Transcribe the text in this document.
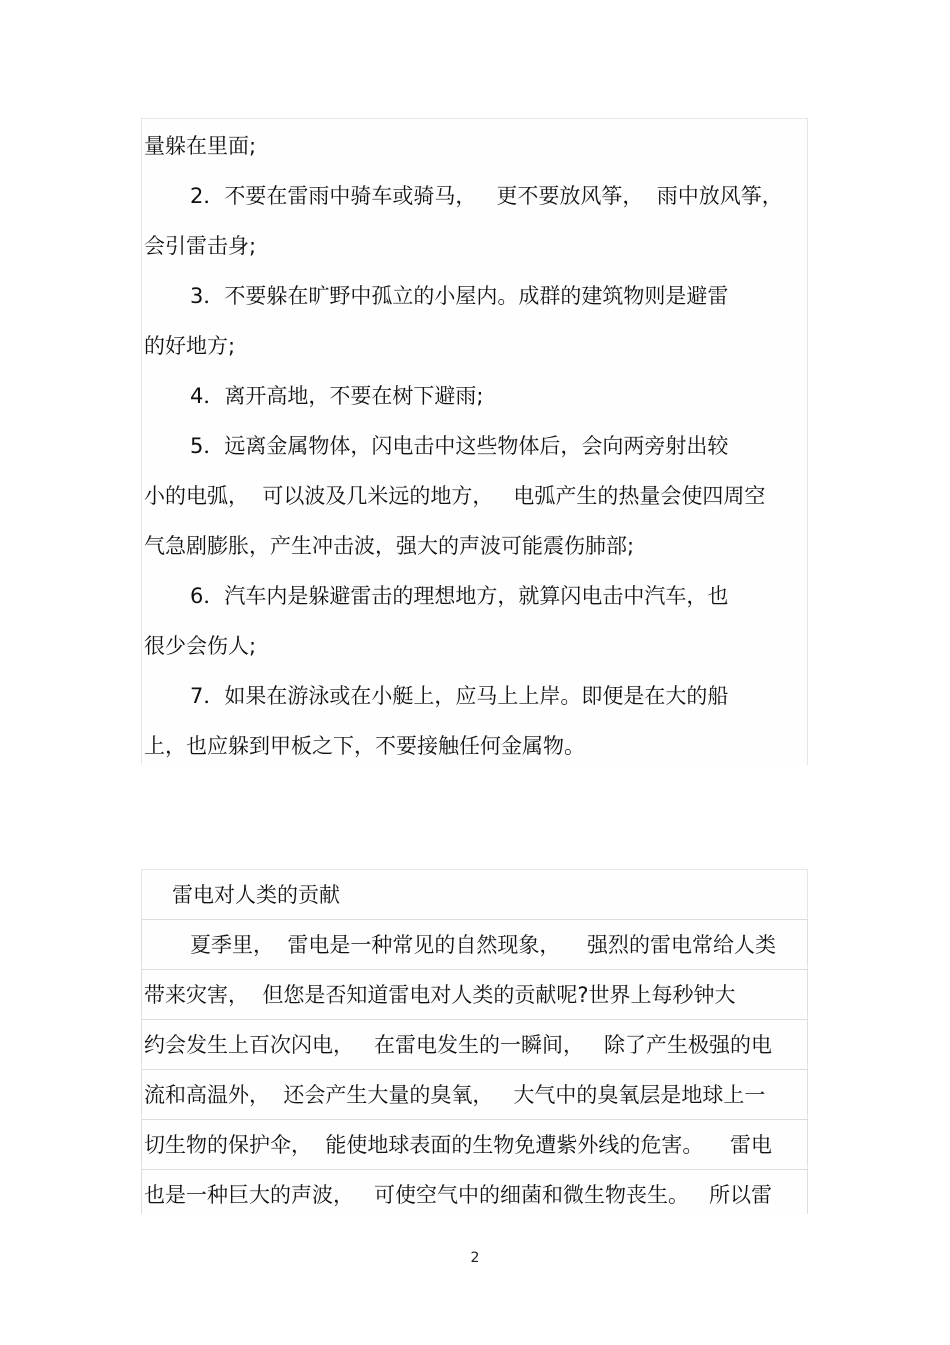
量躲在里面;
2．不要在雷雨中骑车或骑马，   更不要放风筝，  雨中放风筝，
会引雷击身;
3．不要躲在旷野中孤立的小屋内。成群的建筑物则是避雷
的好地方;
4．离开高地，不要在树下避雨;
5．远离金属物体，闪电击中这些物体后，会向两旁射出较
小的电弧，  可以波及几米远的地方，   电弧产生的热量会使四周空
气急剧膨胀，产生冲击波，强大的声波可能震伤肺部;
6．汽车内是躲避雷击的理想地方，就算闪电击中汽车，也
很少会伤人;
7．如果在游泳或在小艇上，应马上上岸。即便是在大的船
上，也应躲到甲板之下，不要接触任何金属物。
雷电对人类的贡献
夏季里，  雷电是一种常见的自然现象，    强烈的雷电常给人类
带来灾害，  但您是否知道雷电对人类的贡献呢?世界上每秒钟大
约会发生上百次闪电，   在雷电发生的一瞬间，   除了产生极强的电
流和高温外，  还会产生大量的臭氧，   大气中的臭氧层是地球上一
切生物的保护伞，  能使地球表面的生物免遭紫外线的危害。    雷电
也是一种巨大的声波，   可使空气中的细菌和微生物丧生。   所以雷
2
